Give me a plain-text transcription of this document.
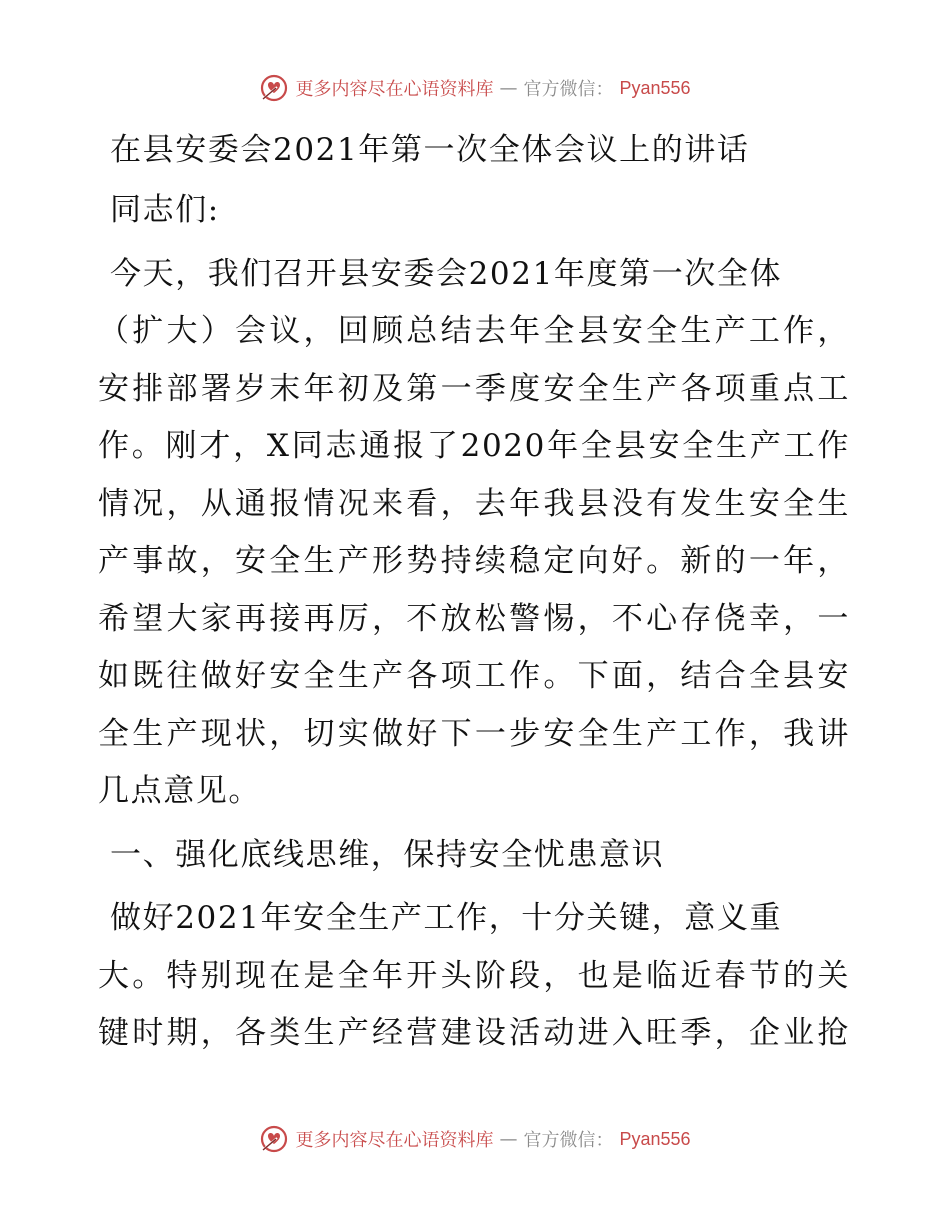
更多内容尽在心语资料库 — 官方微信： Pyan556
在县安委会2021年第一次全体会议上的讲话
同志们:
今天，我们召开县安委会2021年度第一次全体
（扩大）会议，回顾总结去年全县安全生产工作，
安排部署岁末年初及第一季度安全生产各项重点工
作。刚才，X同志通报了2020年全县安全生产工作
情况，从通报情况来看，去年我县没有发生安全生
产事故，安全生产形势持续稳定向好。新的一年，
希望大家再接再厉，不放松警惕，不心存侥幸，一
如既往做好安全生产各项工作。下面，结合全县安
全生产现状，切实做好下一步安全生产工作，我讲
几点意见。
一、强化底线思维，保持安全忧患意识
做好2021年安全生产工作，十分关键，意义重
大。特别现在是全年开头阶段，也是临近春节的关
键时期，各类生产经营建设活动进入旺季，企业抢
更多内容尽在心语资料库 — 官方微信： Pyan556
